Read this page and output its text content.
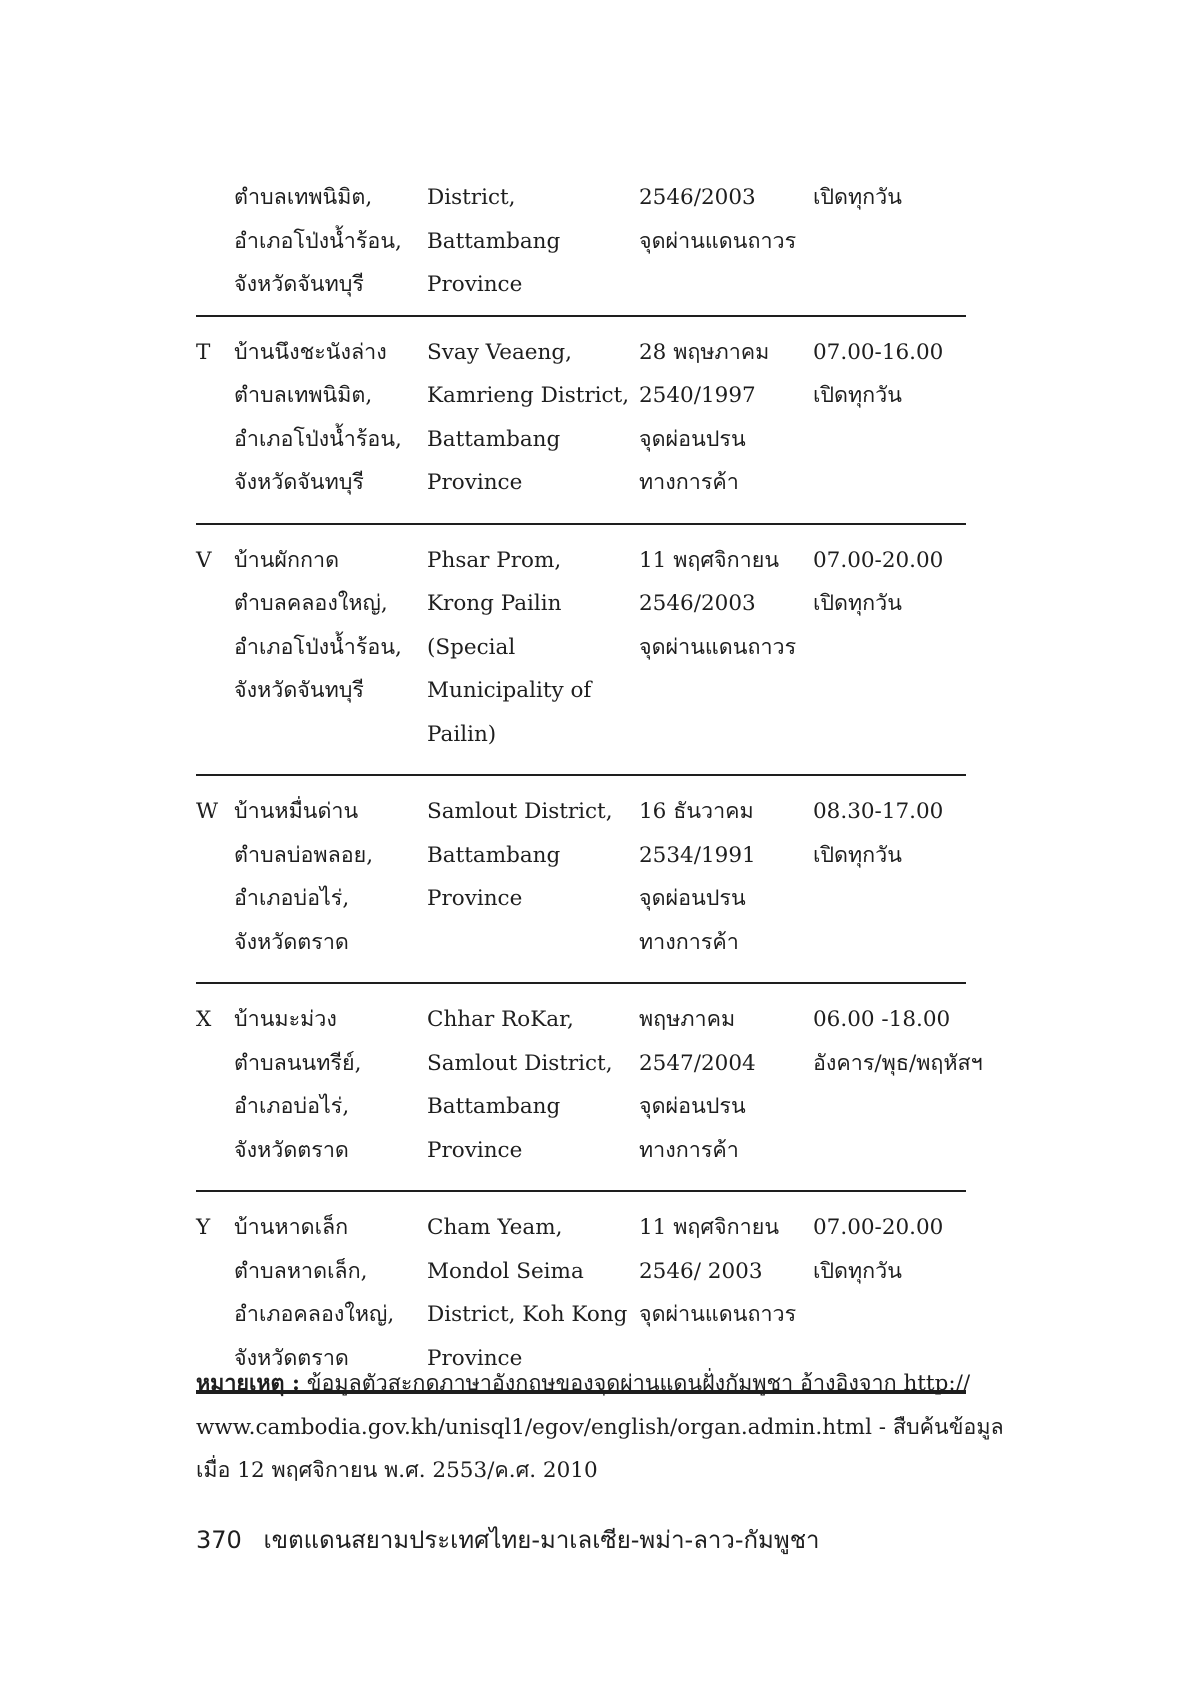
	ตำบลเทพนิมิต,
อำเภอโป่งน้ำร้อน,
จังหวัดจันทบุรี	District,
Battambang
Province	2546/2003
จุดผ่านแดนถาวร	เปิดทุกวัน

T	บ้านนึงชะนังล่าง
ตำบลเทพนิมิต,
อำเภอโป่งน้ำร้อน,
จังหวัดจันทบุรี	Svay Veaeng,
Kamrieng District,
Battambang
Province	28 พฤษภาคม
2540/1997
จุดผ่อนปรน
ทางการค้า	07.00-16.00
เปิดทุกวัน

V	บ้านผักกาด
ตำบลคลองใหญ่,
อำเภอโป่งน้ำร้อน,
จังหวัดจันทบุรี	Phsar Prom,
Krong Pailin
(Special
Municipality of
Pailin)	11 พฤศจิกายน
2546/2003
จุดผ่านแดนถาวร	07.00-20.00
เปิดทุกวัน

W	บ้านหมื่นด่าน
ตำบลบ่อพลอย,
อำเภอบ่อไร่,
จังหวัดตราด	Samlout District,
Battambang
Province	16 ธันวาคม
2534/1991
จุดผ่อนปรน
ทางการค้า	08.30-17.00
เปิดทุกวัน

X	บ้านมะม่วง
ตำบลนนทรีย์,
อำเภอบ่อไร่,
จังหวัดตราด	Chhar RoKar,
Samlout District,
Battambang
Province	พฤษภาคม
2547/2004
จุดผ่อนปรน
ทางการค้า	06.00 -18.00
อังคาร/พุธ/พฤหัสฯ

Y	บ้านหาดเล็ก
ตำบลหาดเล็ก,
อำเภอคลองใหญ่,
จังหวัดตราด	Cham Yeam,
Mondol Seima
District, Koh Kong
Province	11 พฤศจิกายน
2546/ 2003
จุดผ่านแดนถาวร	07.00-20.00
เปิดทุกวัน
หมายเหตุ : ข้อมูลตัวสะกดภาษาอังกฤษของจุดผ่านแดนฝั่งกัมพูชา อ้างอิงจาก http://
www.cambodia.gov.kh/unisql1/egov/english/organ.admin.html - สืบค้นข้อมูล
เมื่อ 12 พฤศจิกายน พ.ศ. 2553/ค.ศ. 2010
370 เขตแดนสยามประเทศไทย-มาเลเซีย-พม่า-ลาว-กัมพูชา
